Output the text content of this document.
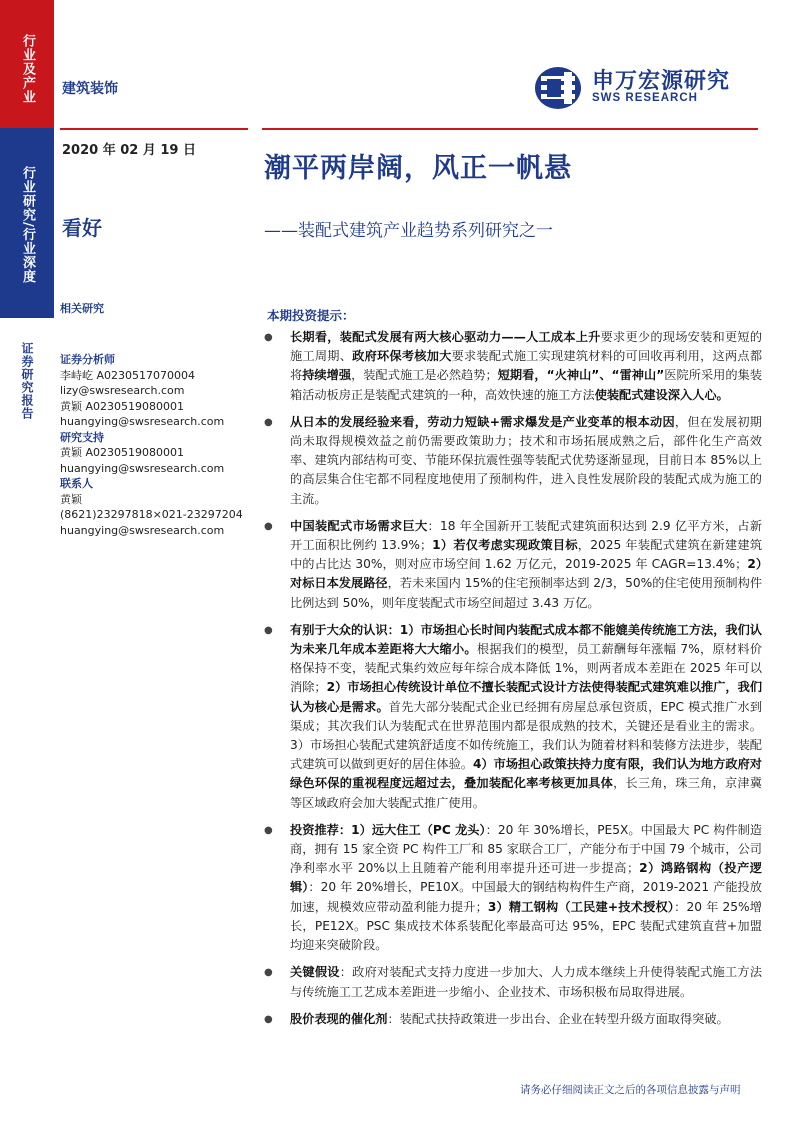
行业及产业
行业研究/行业深度
证券研究报告
建筑装饰	申万宏源研究
SWS RESEARCH
2020 年 02 月 19 日
看好
相关研究
证券分析师
李峙屹 A0230517070004
lizy@swsresearch.com
黄颖 A0230519080001
huangying@swsresearch.com
研究支持
黄颖 A0230519080001
huangying@swsresearch.com
联系人
黄颖
(8621)23297818×021-23297204
huangying@swsresearch.com
潮平两岸阔，风正一帆悬
——装配式建筑产业趋势系列研究之一
本期投资提示：
● 长期看，装配式发展有两大核心驱动力——人工成本上升要求更少的现场安装和更短的施工周期、政府环保考核加大要求装配式施工实现建筑材料的可回收再利用，这两点都将持续增强，装配式施工是必然趋势；短期看，“火神山”、“雷神山”医院所采用的集装箱活动板房正是装配式建筑的一种，高效快速的施工方法使装配式建设深入人心。
● 从日本的发展经验来看，劳动力短缺+需求爆发是产业变革的根本动因，但在发展初期尚未取得规模效益之前仍需要政策助力；技术和市场拓展成熟之后，部件化生产高效率、建筑内部结构可变、节能环保抗震性强等装配式优势逐渐显现，目前日本 85%以上的高层集合住宅都不同程度地使用了预制构件，进入良性发展阶段的装配式成为施工的主流。
● 中国装配式市场需求巨大：18 年全国新开工装配式建筑面积达到 2.9 亿平方米，占新开工面积比例约 13.9%；1）若仅考虑实现政策目标，2025 年装配式建筑在新建建筑中的占比达 30%，则对应市场空间 1.62 万亿元，2019-2025 年 CAGR=13.4%；2）对标日本发展路径，若未来国内 15%的住宅预制率达到 2/3，50%的住宅使用预制构件比例达到 50%，则年度装配式市场空间超过 3.43 万亿。
● 有别于大众的认识：1）市场担心长时间内装配式成本都不能媲美传统施工方法，我们认为未来几年成本差距将大大缩小。根据我们的模型，员工薪酬每年涨幅 7%，原材料价格保持不变，装配式集约效应每年综合成本降低 1%，则两者成本差距在 2025 年可以消除；2）市场担心传统设计单位不擅长装配式设计方法使得装配式建筑难以推广，我们认为核心是需求。首先大部分装配式企业已经拥有房屋总承包资质，EPC 模式推广水到渠成；其次我们认为装配式在世界范围内都是很成熟的技术，关键还是看业主的需求。3）市场担心装配式建筑舒适度不如传统施工，我们认为随着材料和装修方法进步，装配式建筑可以做到更好的居住体验。4）市场担心政策扶持力度有限，我们认为地方政府对绿色环保的重视程度远超过去，叠加装配化率考核更加具体，长三角，珠三角，京津冀等区域政府会加大装配式推广使用。
● 投资推荐：1）远大住工（PC 龙头）：20 年 30%增长，PE5X。中国最大 PC 构件制造商，拥有 15 家全资 PC 构件工厂和 85 家联合工厂，产能分布于中国 79 个城市，公司净利率水平 20%以上且随着产能利用率提升还可进一步提高；2）鸿路钢构（投产逻辑）：20 年 20%增长，PE10X。中国最大的钢结构构件生产商，2019-2021 产能投放加速，规模效应带动盈利能力提升；3）精工钢构（工民建+技术授权）：20 年 25%增长，PE12X。PSC 集成技术体系装配化率最高可达 95%，EPC 装配式建筑直营+加盟均迎来突破阶段。
● 关键假设：政府对装配式支持力度进一步加大、人力成本继续上升使得装配式施工方法与传统施工工艺成本差距进一步缩小、企业技术、市场积极布局取得进展。
● 股价表现的催化剂：装配式扶持政策进一步出台、企业在转型升级方面取得突破。
请务必仔细阅读正文之后的各项信息披露与声明
